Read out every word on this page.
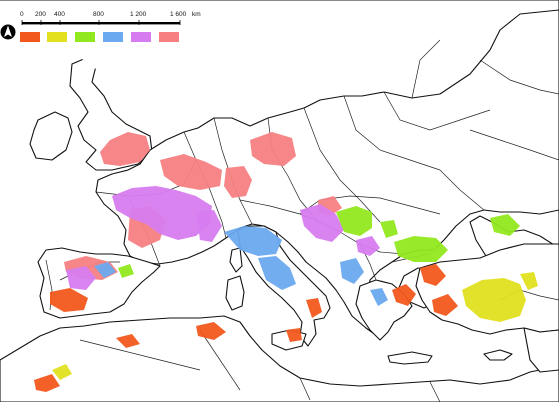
0 200 400	800	1 200	1 600 km
